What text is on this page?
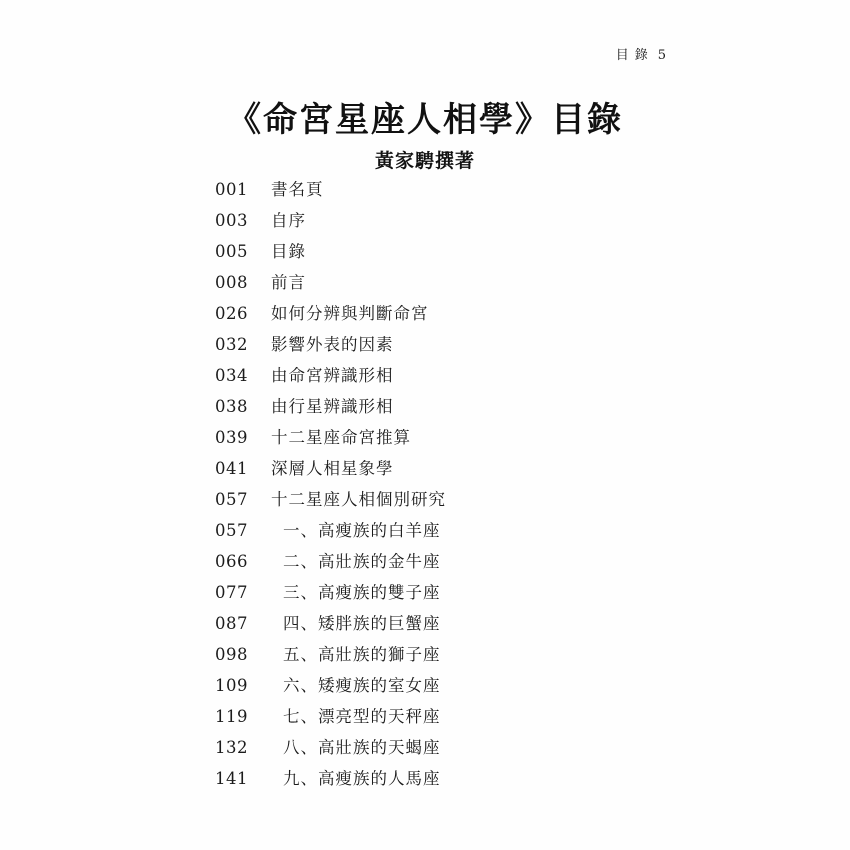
目錄 5
《命宮星座人相學》目錄
黃家騁撰著
001	書名頁
003	自序
005	目錄
008	前言
026	如何分辨與判斷命宮
032	影響外表的因素
034	由命宮辨識形相
038	由行星辨識形相
039	十二星座命宮推算
041	深層人相星象學
057	十二星座人相個別研究
057	一、高瘦族的白羊座
066	二、高壯族的金牛座
077	三、高瘦族的雙子座
087	四、矮胖族的巨蟹座
098	五、高壯族的獅子座
109	六、矮瘦族的室女座
119	七、漂亮型的天秤座
132	八、高壯族的天蝎座
141	九、高瘦族的人馬座
